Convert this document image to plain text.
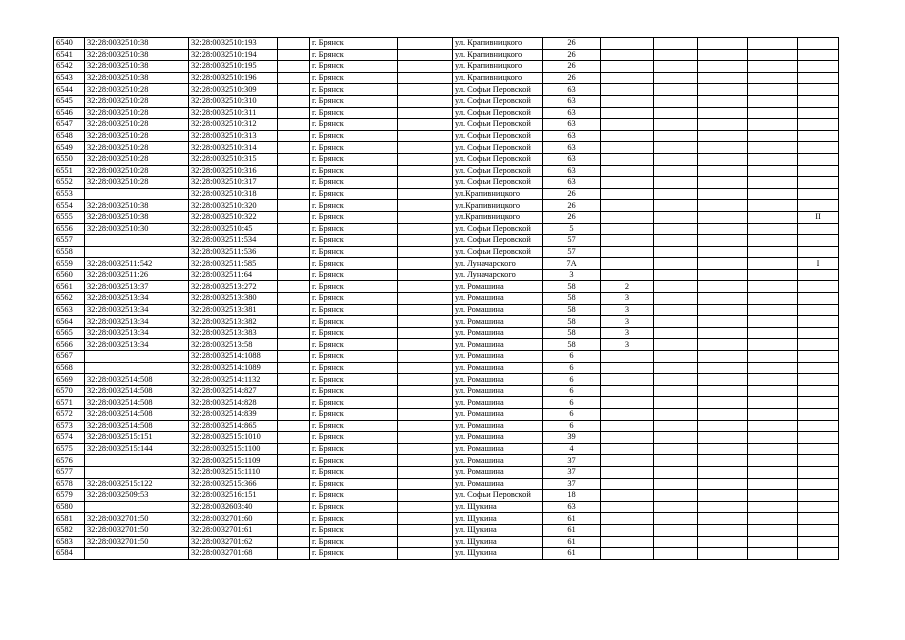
6540	32:28:0032510:38	32:28:0032510:193		г. Брянск		ул. Крапивницкого	26					
6541	32:28:0032510:38	32:28:0032510:194		г. Брянск		ул. Крапивницкого	26					
6542	32:28:0032510:38	32:28:0032510:195		г. Брянск		ул. Крапивницкого	26					
6543	32:28:0032510:38	32:28:0032510:196		г. Брянск		ул. Крапивницкого	26					
6544	32:28:0032510:28	32:28:0032510:309		г. Брянск		ул. Софьи Перовской	63					
6545	32:28:0032510:28	32:28:0032510:310		г. Брянск		ул. Софьи Перовской	63					
6546	32:28:0032510:28	32:28:0032510:311		г. Брянск		ул. Софьи Перовской	63					
6547	32:28:0032510:28	32:28:0032510:312		г. Брянск		ул. Софьи Перовской	63					
6548	32:28:0032510:28	32:28:0032510:313		г. Брянск		ул. Софьи Перовской	63					
6549	32:28:0032510:28	32:28:0032510:314		г. Брянск		ул. Софьи Перовской	63					
6550	32:28:0032510:28	32:28:0032510:315		г. Брянск		ул. Софьи Перовской	63					
6551	32:28:0032510:28	32:28:0032510:316		г. Брянск		ул. Софьи Перовской	63					
6552	32:28:0032510:28	32:28:0032510:317		г. Брянск		ул. Софьи Перовской	63					
6553		32:28:0032510:318		г. Брянск		ул.Крапивницкого	26					
6554	32:28:0032510:38	32:28:0032510:320		г. Брянск		ул.Крапивницкого	26					
6555	32:28:0032510:38	32:28:0032510:322		г. Брянск		ул.Крапивницкого	26					II
6556	32:28:0032510:30	32:28:0032510:45		г. Брянск		ул. Софьи Перовской	5					
6557		32:28:0032511:534		г. Брянск		ул. Софьи Перовской	57					
6558		32:28:0032511:536		г. Брянск		ул. Софьи Перовской	57					
6559	32:28:0032511:542	32:28:0032511:585		г. Брянск		ул. Луначарского	7А					I
6560	32:28:0032511:26	32:28:0032511:64		г. Брянск		ул. Луначарского	3					
6561	32:28:0032513:37	32:28:0032513:272		г. Брянск		ул. Ромашина	58	2				
6562	32:28:0032513:34	32:28:0032513:380		г. Брянск		ул. Ромашина	58	3				
6563	32:28:0032513:34	32:28:0032513:381		г. Брянск		ул. Ромашина	58	3				
6564	32:28:0032513:34	32:28:0032513:382		г. Брянск		ул. Ромашина	58	3				
6565	32:28:0032513:34	32:28:0032513:383		г. Брянск		ул. Ромашина	58	3				
6566	32:28:0032513:34	32:28:0032513:58		г. Брянск		ул. Ромашина	58	3				
6567		32:28:0032514:1088		г. Брянск		ул. Ромашина	6					
6568		32:28:0032514:1089		г. Брянск		ул. Ромашина	6					
6569	32:28:0032514:508	32:28:0032514:1132		г. Брянск		ул. Ромашина	6					
6570	32:28:0032514:508	32:28:0032514:827		г. Брянск		ул. Ромашина	6					
6571	32:28:0032514:508	32:28:0032514:828		г. Брянск		ул. Ромашина	6					
6572	32:28:0032514:508	32:28:0032514:839		г. Брянск		ул. Ромашина	6					
6573	32:28:0032514:508	32:28:0032514:865		г. Брянск		ул. Ромашина	6					
6574	32:28:0032515:151	32:28:0032515:1010		г. Брянск		ул. Ромашина	39					
6575	32:28:0032515:144	32:28:0032515:1100		г. Брянск		ул. Ромашина	4					
6576		32:28:0032515:1109		г. Брянск		ул. Ромашина	37					
6577		32:28:0032515:1110		г. Брянск		ул. Ромашина	37					
6578	32:28:0032515:122	32:28:0032515:366		г. Брянск		ул. Ромашина	37					
6579	32:28:0032509:53	32:28:0032516:151		г. Брянск		ул. Софьи Перовской	18					
6580		32:28:0032603:40		г. Брянск		ул. Щукина	63					
6581	32:28:0032701:50	32:28:0032701:60		г. Брянск		ул. Щукина	61					
6582	32:28:0032701:50	32:28:0032701:61		г. Брянск		ул. Щукина	61					
6583	32:28:0032701:50	32:28:0032701:62		г. Брянск		ул. Щукина	61					
6584		32:28:0032701:68		г. Брянск		ул. Щукина	61					
